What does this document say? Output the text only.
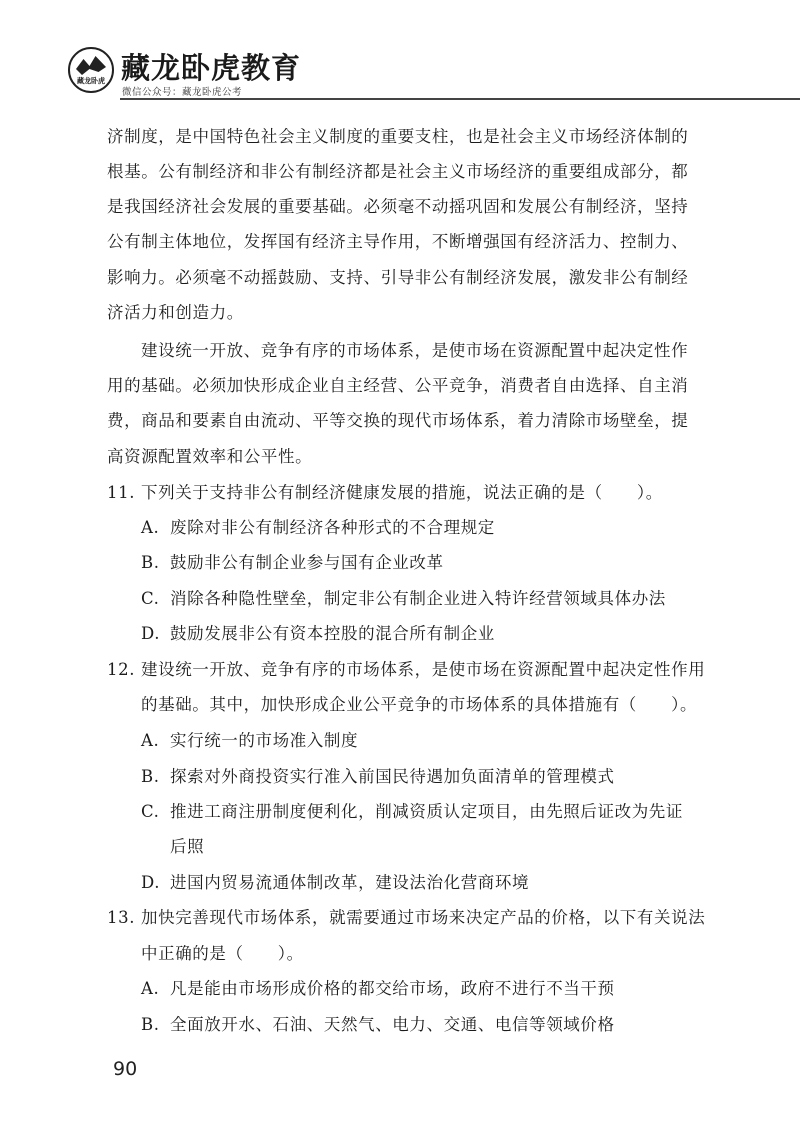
藏龙卧虎 藏龙卧虎教育
微信公众号：藏龙卧虎公考
济制度，是中国特色社会主义制度的重要支柱，也是社会主义市场经济体制的
根基。公有制经济和非公有制经济都是社会主义市场经济的重要组成部分，都
是我国经济社会发展的重要基础。必须毫不动摇巩固和发展公有制经济，坚持
公有制主体地位，发挥国有经济主导作用，不断增强国有经济活力、控制力、
影响力。必须毫不动摇鼓励、支持、引导非公有制经济发展，激发非公有制经
济活力和创造力。
建设统一开放、竞争有序的市场体系，是使市场在资源配置中起决定性作
用的基础。必须加快形成企业自主经营、公平竞争，消费者自由选择、自主消
费，商品和要素自由流动、平等交换的现代市场体系，着力清除市场壁垒，提
高资源配置效率和公平性。
11. 下列关于支持非公有制经济健康发展的措施，说法正确的是（　　）。
A. 废除对非公有制经济各种形式的不合理规定
B. 鼓励非公有制企业参与国有企业改革
C. 消除各种隐性壁垒，制定非公有制企业进入特许经营领域具体办法
D. 鼓励发展非公有资本控股的混合所有制企业
12. 建设统一开放、竞争有序的市场体系，是使市场在资源配置中起决定性作用
的基础。其中，加快形成企业公平竞争的市场体系的具体措施有（　　）。
A. 实行统一的市场准入制度
B. 探索对外商投资实行准入前国民待遇加负面清单的管理模式
C. 推进工商注册制度便利化，削减资质认定项目，由先照后证改为先证
后照
D. 进国内贸易流通体制改革，建设法治化营商环境
13. 加快完善现代市场体系，就需要通过市场来决定产品的价格，以下有关说法
中正确的是（　　）。
A. 凡是能由市场形成价格的都交给市场，政府不进行不当干预
B. 全面放开水、石油、天然气、电力、交通、电信等领域价格
90
